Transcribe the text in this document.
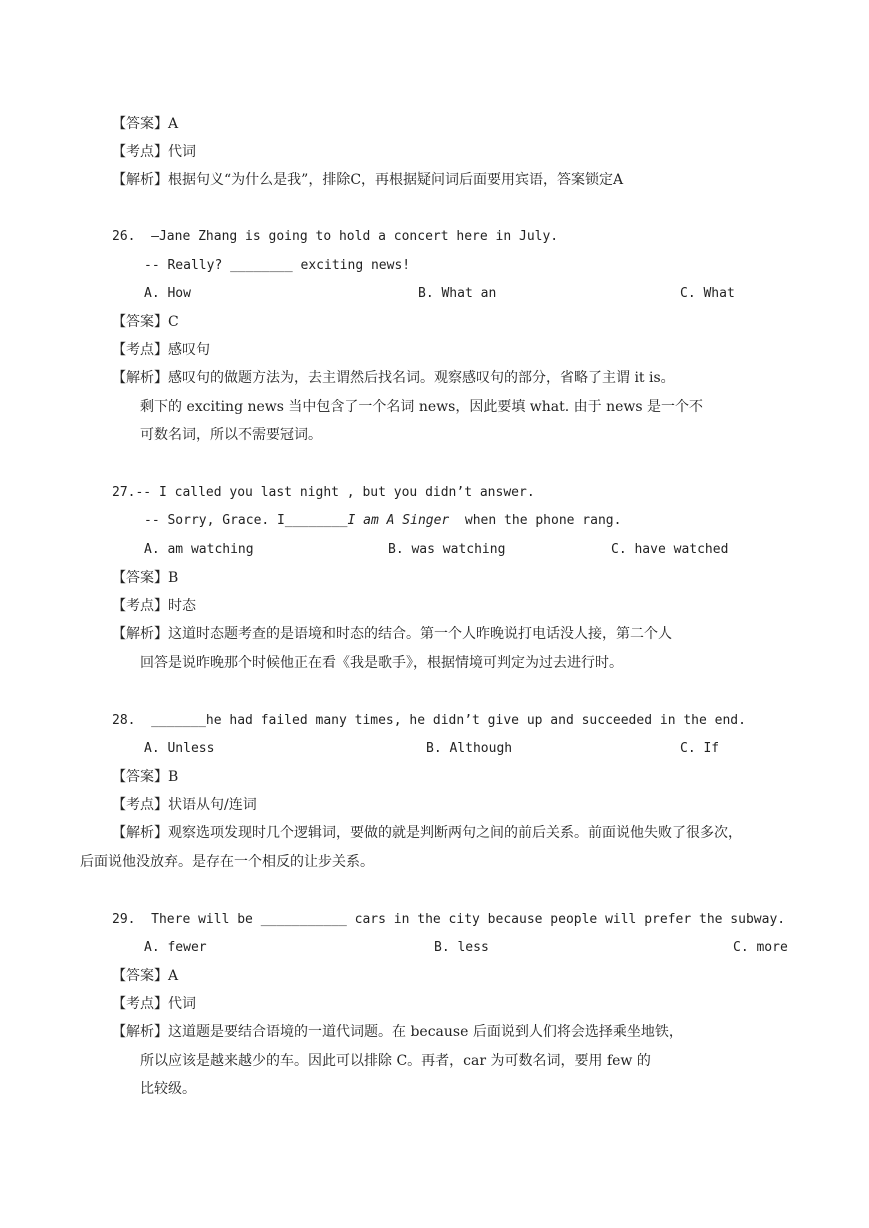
【答案】A
【考点】代词
【解析】根据句义“为什么是我”，排除C，再根据疑问词后面要用宾语，答案锁定A
26.  –Jane Zhang is going to hold a concert here in July.
-- Really? ________ exciting news!
A. How	B. What an	C. What
【答案】C
【考点】感叹句
【解析】感叹句的做题方法为，去主谓然后找名词。观察感叹句的部分，省略了主谓 it is。
剩下的 exciting news 当中包含了一个名词 news，因此要填 what. 由于 news 是一个不
可数名词，所以不需要冠词。
27.-- I called you last night , but you didn’t answer.
-- Sorry, Grace. I________I am A Singer  when the phone rang.
A. am watching	B. was watching	C. have watched
【答案】B
【考点】时态
【解析】这道时态题考查的是语境和时态的结合。第一个人昨晚说打电话没人接，第二个人
回答是说昨晚那个时候他正在看《我是歌手》，根据情境可判定为过去进行时。
28.  _______he had failed many times, he didn’t give up and succeeded in the end.
A. Unless	B. Although	C. If
【答案】B
【考点】状语从句/连词
【解析】观察选项发现时几个逻辑词，要做的就是判断两句之间的前后关系。前面说他失败了很多次，
后面说他没放弃。是存在一个相反的让步关系。
29.  There will be ___________ cars in the city because people will prefer the subway.
A. fewer	B. less	C. more
【答案】A
【考点】代词
【解析】这道题是要结合语境的一道代词题。在 because 后面说到人们将会选择乘坐地铁，
所以应该是越来越少的车。因此可以排除 C。再者，car 为可数名词，要用 few 的
比较级。
